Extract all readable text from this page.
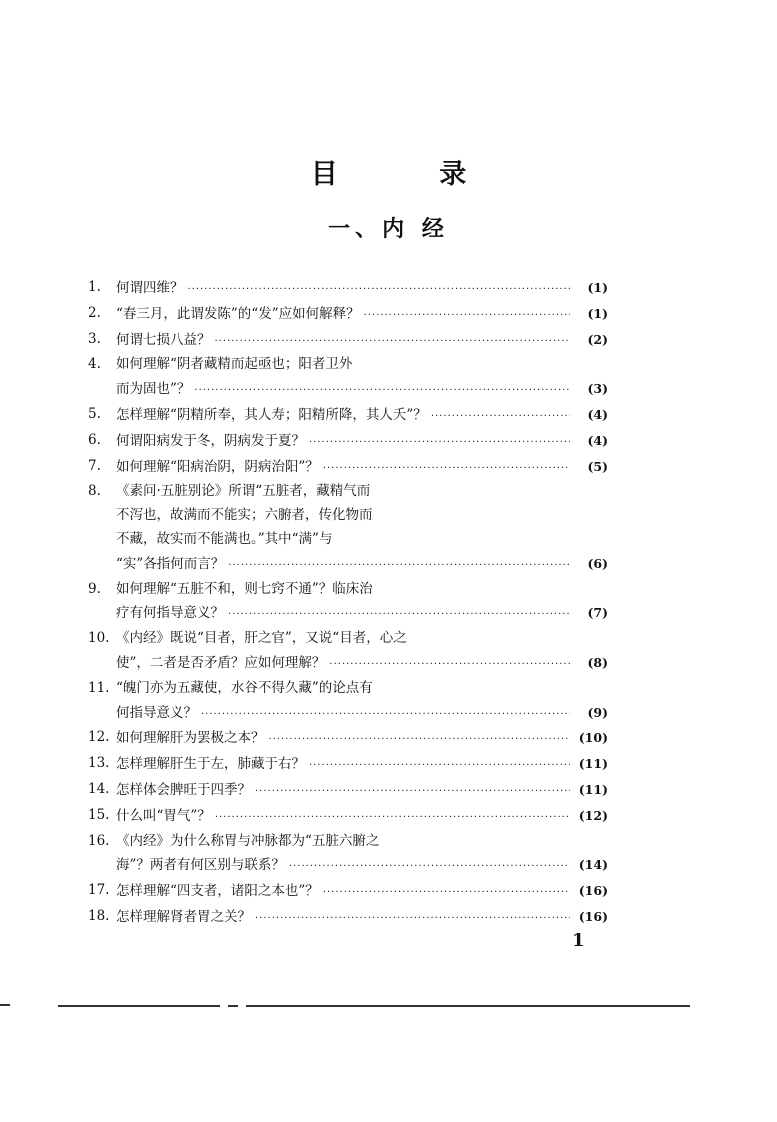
目 录
一、内 经
1.	何谓四维？ ·····	(1)
2.	“春三月，此谓发陈”的“发”应如何解释？ ·····	(1)
3.	何谓七损八益？ ·····	(2)
4.	如何理解“阴者藏精而起亟也；阳者卫外
而为固也”？ ·····	(3)
5.	怎样理解“阴精所奉，其人寿；阳精所降，其人夭”？ ·····	(4)
6.	何谓阳病发于冬，阴病发于夏？ ·····	(4)
7.	如何理解“阳病治阴，阴病治阳”？ ·····	(5)
8.	《素问·五脏别论》所谓“五脏者，藏精气而
不泻也，故满而不能实；六腑者，传化物而
不藏，故实而不能满也。”其中“满”与
“实”各指何而言？ ·····	(6)
9.	如何理解“五脏不和，则七窍不通”？临床治
疗有何指导意义？ ·····	(7)
10. 《内经》既说“目者，肝之官”，又说“目者，心之
使”，二者是否矛盾？应如何理解？ ·····	(8)
11. “魄门亦为五藏使，水谷不得久藏”的论点有
何指导意义？ ·····	(9)
12. 如何理解肝为罢极之本？ ·····	(10)
13. 怎样理解肝生于左，肺藏于右？ ·····	(11)
14. 怎样体会脾旺于四季？ ·····	(11)
15. 什么叫“胃气”？ ·····	(12)
16. 《内经》为什么称胃与冲脉都为“五脏六腑之
海”？两者有何区别与联系？ ·····	(14)
17. 怎样理解“四支者，诸阳之本也”？ ·····	(16)
18. 怎样理解肾者胃之关？ ·····	(16)
1
